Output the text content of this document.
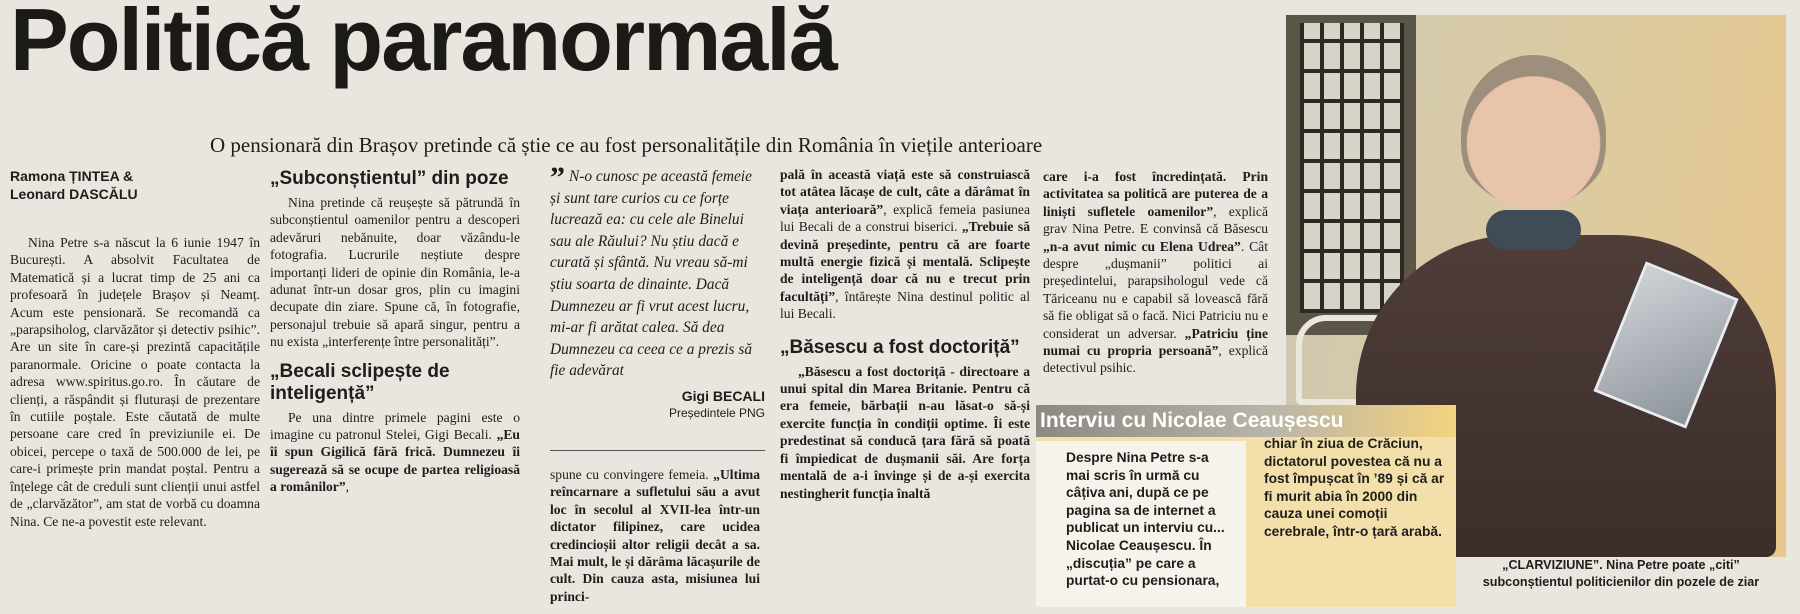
Politică paranormală
O pensionară din Brașov pretinde că știe ce au fost personalitățile din România în viețile anterioare
Ramona ȚINTEA &
Leonard DASCĂLU

Nina Petre s-a născut la 6 iunie 1947 în București. A absolvit Facultatea de Matematică și a lucrat timp de 25 ani ca profesoară în județele Brașov și Neamț. Acum este pensionară. Se recomandă ca „parapsiholog, clarvăzător și detectiv psihic”. Are un site în care-și prezintă capacitățile paranormale. Oricine o poate contacta la adresa www.spiritus.go.ro. În căutare de clienți, a răspândit și fluturași de prezentare în cutiile poștale. Este căutată de multe persoane care cred în previziunile ei. De obicei, percepe o taxă de 500.000 de lei, pe care-i primește prin mandat poștal. Pentru a înțelege cât de creduli sunt clienții unui astfel de „clarvăzător”, am stat de vorbă cu doamna Nina. Ce ne-a povestit este relevant.

„Subconștientul” din poze

Nina pretinde că reușește să pătrundă în subconștientul oamenilor pentru a descoperi adevăruri nebănuite, doar văzându-le fotografia. Lucrurile neștiute despre importanți lideri de opinie din România, le-a adunat într-un dosar gros, plin cu imagini decupate din ziare. Spune că, în fotografie, personajul trebuie să apară singur, pentru a nu exista „interferențe între personalități”.

„Becali sclipește de inteligență”

Pe una dintre primele pagini este o imagine cu patronul Stelei, Gigi Becali. „Eu îi spun Gigilică fără frică. Dumnezeu îi sugerează să se ocupe de partea religioasă a românilor”,

” N-o cunosc pe această femeie și sunt tare curios cu ce forțe lucrează ea: cu cele ale Binelui sau ale Răului? Nu știu dacă e curată și sfântă. Nu vreau să-mi știu soarta de dinainte. Dacă Dumnezeu ar fi vrut acest lucru, mi-ar fi arătat calea. Să dea Dumnezeu ca ceea ce a prezis să fie adevărat
Gigi BECALI
Președintele PNG

spune cu convingere femeia. „Ultima reîncarnare a sufletului său a avut loc în secolul al XVII-lea într-un dictator filipinez, care ucidea credincioșii altor religii decât a sa. Mai mult, le și dărâma lăcașurile de cult. Din cauza asta, misiunea lui princi-

pală în această viață este să construiască tot atâtea lăcașe de cult, câte a dărâmat în viața anterioară”, explică femeia pasiunea lui Becali de a construi biserici. „Trebuie să devină președinte, pentru că are foarte multă energie fizică și mentală. Sclipește de inteligență doar că nu e trecut prin facultăți”, întărește Nina destinul politic al lui Becali.

„Băsescu a fost doctoriță”

„Băsescu a fost doctoriță - directoare a unui spital din Marea Britanie. Pentru că era femeie, bărbații n-au lăsat-o să-și exercite funcția în condiții optime. Îi este predestinat să conducă țara fără să poată fi împiedicat de dușmanii săi. Are forța mentală de a-i învinge și de a-și exercita nestingherit funcția înaltă

care i-a fost încredințată. Prin activitatea sa politică are puterea de a liniști sufletele oamenilor”, explică grav Nina Petre. E convinsă că Băsescu „n-a avut nimic cu Elena Udrea”. Cât despre „dușmanii” politici ai președintelui, parapsihologul vede că Tăriceanu nu e capabil să lovească fără să fie obligat să o facă. Nici Patriciu nu e considerat un adversar. „Patriciu ține numai cu propria persoană”, explică detectivul psihic.

Interviu cu Nicolae Ceaușescu
Despre Nina Petre s-a mai scris în urmă cu câțiva ani, după ce pe pagina sa de internet a publicat un interviu cu... Nicolae Ceaușescu. În „discuția” pe care a purtat-o cu pensionara,
chiar în ziua de Crăciun, dictatorul povestea că nu a fost împușcat în ’89 și că ar fi murit abia în 2000 din cauza unei comoții cerebrale, într-o țară arabă.
„CLARVIZIUNE”. Nina Petre poate „citi” subconștientul politicienilor din pozele de ziar
